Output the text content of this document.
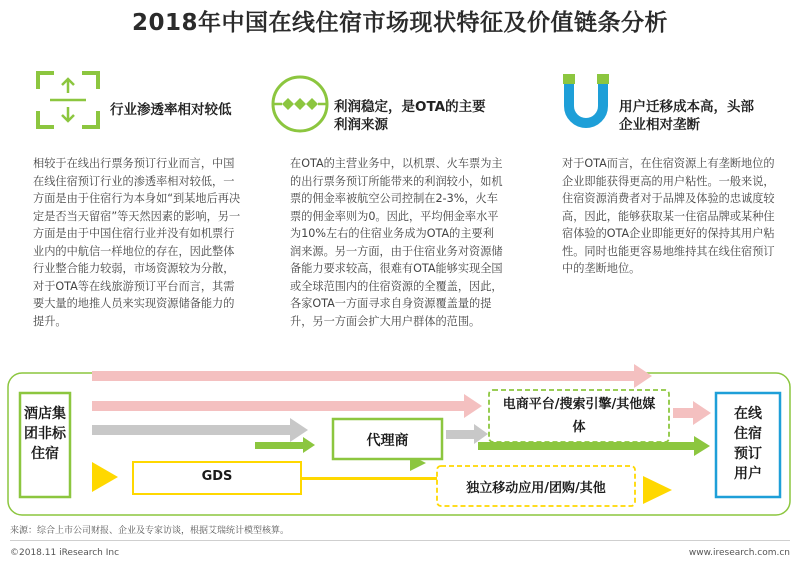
2018年中国在线住宿市场现状特征及价值链条分析
行业渗透率相对较低	利润稳定，是OTA的主要
利润来源
用户迁移成本高，头部
企业相对垄断
相较于在线出行票务预订行业而言，中国在线住宿预订行业的渗透率相对较低，一方面是由于住宿行为本身如“到某地后再决定是否当天留宿”等天然因素的影响，另一方面是由于中国住宿行业并没有如机票行业内的中航信一样地位的存在，因此整体行业整合能力较弱，市场资源较为分散，对于OTA等在线旅游预订平台而言，其需要大量的地推人员来实现资源储备能力的提升。
在OTA的主营业务中，以机票、火车票为主的出行票务预订所能带来的利润较小，如机票的佣金率被航空公司控制在2-3%，火车票的佣金率则为0。因此，平均佣金率水平为10%左右的住宿业务成为OTA的主要利润来源。另一方面，由于住宿业务对资源储备能力要求较高，很难有OTA能够实现全国或全球范围内的住宿资源的全覆盖，因此，各家OTA一方面寻求自身资源覆盖量的提升，另一方面会扩大用户群体的范围。
对于OTA而言，在住宿资源上有垄断地位的企业即能获得更高的用户粘性。一般来说，住宿资源消费者对于品牌及体验的忠诚度较高，因此，能够获取某一住宿品牌或某种住宿体验的OTA企业即能更好的保持其用户粘性。同时也能更容易地维持其在线住宿预订中的垄断地位。
酒店集团非标住宿
在线住宿预订用户
GDS
代理商
电商平台/搜索引擎/其他媒体
独立移动应用/团购/其他
来源：综合上市公司财报、企业及专家访谈，根据艾瑞统计模型核算。
©2018.11 iResearch Inc	www.iresearch.com.cn
